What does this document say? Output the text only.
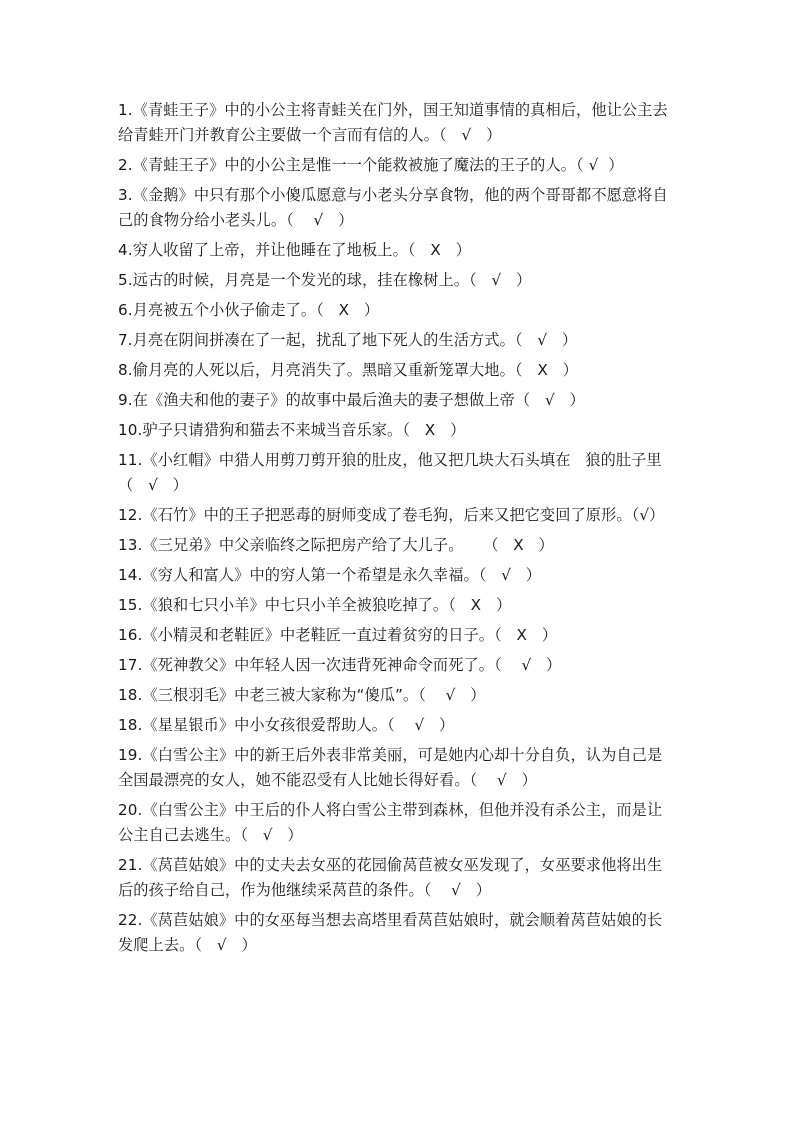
1.《青蛙王子》中的小公主将青蛙关在门外，国王知道事情的真相后，他让公主去给青蛙开门并教育公主要做一个言而有信的人。（   √   ）

2.《青蛙王子》中的小公主是惟一一个能救被施了魔法的王子的人。（ √  ）

3.《金鹅》中只有那个小傻瓜愿意与小老头分享食物，他的两个哥哥都不愿意将自己的食物分给小老头儿。（    √   ）

4.穷人收留了上帝，并让他睡在了地板上。（   X   ）

5.远古的时候，月亮是一个发光的球，挂在橡树上。（   √   ）

6.月亮被五个小伙子偷走了。（   X   ）

7.月亮在阴间拼凑在了一起，扰乱了地下死人的生活方式。（   √   ）

8.偷月亮的人死以后，月亮消失了。黑暗又重新笼罩大地。（   X   ）

9.在《渔夫和他的妻子》的故事中最后渔夫的妻子想做上帝（   √   ）

10.驴子只请猎狗和猫去不来城当音乐家。（   X   ）

11.《小红帽》中猎人用剪刀剪开狼的肚皮，他又把几块大石头填在   狼的肚子里   （   √   ）

12.《石竹》中的王子把恶毒的厨师变成了卷毛狗，后来又把它变回了原形。（√）

13.《三兄弟》中父亲临终之际把房产给了大儿子。    （   X   ）

14.《穷人和富人》中的穷人第一个希望是永久幸福。（   √   ）

15.《狼和七只小羊》中七只小羊全被狼吃掉了。（   X   ）

16.《小精灵和老鞋匠》中老鞋匠一直过着贫穷的日子。（   X   ）

17.《死神教父》中年轻人因一次违背死神命令而死了。（    √   ）

18.《三根羽毛》中老三被大家称为“傻瓜”。（    √   ）

18.《星星银币》中小女孩很爱帮助人。（    √   ）

19.《白雪公主》中的新王后外表非常美丽，可是她内心却十分自负，认为自己是全国最漂亮的女人，她不能忍受有人比她长得好看。（    √   ）

20.《白雪公主》中王后的仆人将白雪公主带到森林，但他并没有杀公主，而是让公主自己去逃生。（   √   ）

21.《莴苣姑娘》中的丈夫去女巫的花园偷莴苣被女巫发现了，女巫要求他将出生后的孩子给自己，作为他继续采莴苣的条件。（    √   ）

22.《莴苣姑娘》中的女巫每当想去高塔里看莴苣姑娘时，就会顺着莴苣姑娘的长发爬上去。（   √   ）
